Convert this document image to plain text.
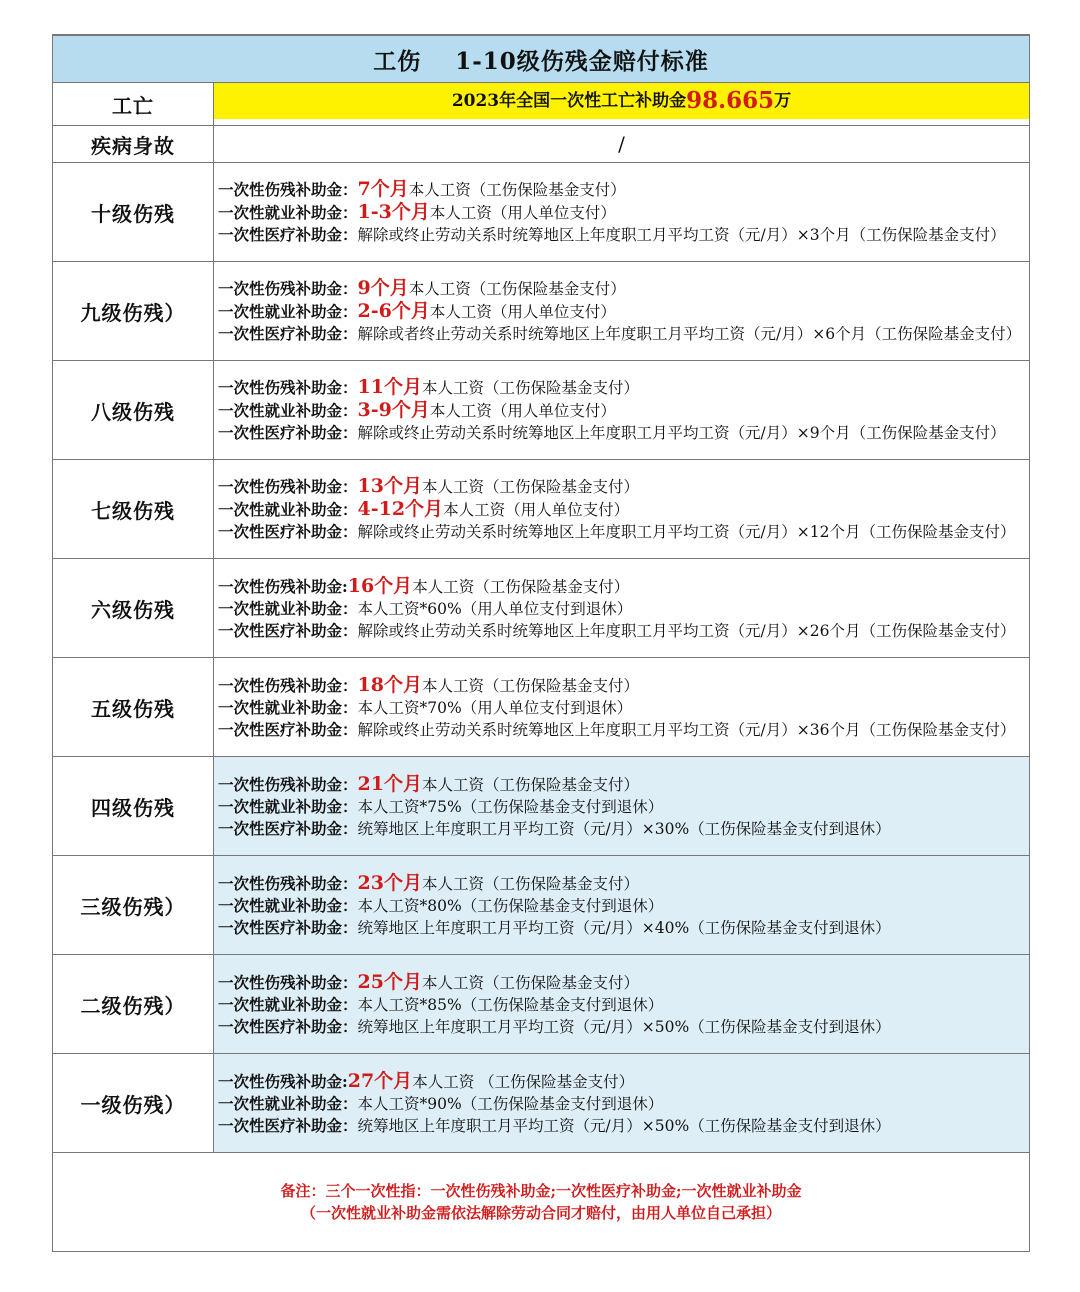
工伤 1-10级伤残金赔付标准
工亡	2023年全国一次性工亡补助金 98.665 万
疾病身故	/
十级伤残
一次性伤残补助金：7个月本人工资（工伤保险基金支付）
一次性就业补助金：1-3个月本人工资（用人单位支付）
一次性医疗补助金：解除或终止劳动关系时统筹地区上年度职工月平均工资（元/月）×3个月（工伤保险基金支付）
九级伤残）
一次性伤残补助金：9个月本人工资（工伤保险基金支付）
一次性就业补助金：2-6个月本人工资（用人单位支付）
一次性医疗补助金：解除或者终止劳动关系时统筹地区上年度职工月平均工资（元/月）×6个月（工伤保险基金支付）
八级伤残
一次性伤残补助金：11个月本人工资（工伤保险基金支付）
一次性就业补助金：3-9个月本人工资（用人单位支付）
一次性医疗补助金：解除或终止劳动关系时统筹地区上年度职工月平均工资（元/月）×9个月（工伤保险基金支付）
七级伤残
一次性伤残补助金：13个月本人工资（工伤保险基金支付）
一次性就业补助金：4-12个月本人工资（用人单位支付）
一次性医疗补助金：解除或终止劳动关系时统筹地区上年度职工月平均工资（元/月）×12个月（工伤保险基金支付）
六级伤残
一次性伤残补助金:16个月本人工资（工伤保险基金支付）
一次性就业补助金：本人工资*60%（用人单位支付到退休）
一次性医疗补助金：解除或终止劳动关系时统筹地区上年度职工月平均工资（元/月）×26个月（工伤保险基金支付）
五级伤残
一次性伤残补助金：18个月本人工资（工伤保险基金支付）
一次性就业补助金：本人工资*70%（用人单位支付到退休）
一次性医疗补助金：解除或终止劳动关系时统筹地区上年度职工月平均工资（元/月）×36个月（工伤保险基金支付）
四级伤残
一次性伤残补助金：21个月本人工资（工伤保险基金支付）
一次性就业补助金：本人工资*75%（工伤保险基金支付到退休）
一次性医疗补助金：统筹地区上年度职工月平均工资（元/月）×30%（工伤保险基金支付到退休）
三级伤残）
一次性伤残补助金：23个月本人工资（工伤保险基金支付）
一次性就业补助金：本人工资*80%（工伤保险基金支付到退休）
一次性医疗补助金：统筹地区上年度职工月平均工资（元/月）×40%（工伤保险基金支付到退休）
二级伤残）
一次性伤残补助金：25个月本人工资（工伤保险基金支付）
一次性就业补助金：本人工资*85%（工伤保险基金支付到退休）
一次性医疗补助金：统筹地区上年度职工月平均工资（元/月）×50%（工伤保险基金支付到退休）
一级伤残）
一次性伤残补助金:27个月本人工资 （工伤保险基金支付）
一次性就业补助金：本人工资*90%（工伤保险基金支付到退休）
一次性医疗补助金：统筹地区上年度职工月平均工资（元/月）×50%（工伤保险基金支付到退休）
备注：三个一次性指：一次性伤残补助金;一次性医疗补助金;一次性就业补助金
（一次性就业补助金需依法解除劳动合同才赔付，由用人单位自己承担）
